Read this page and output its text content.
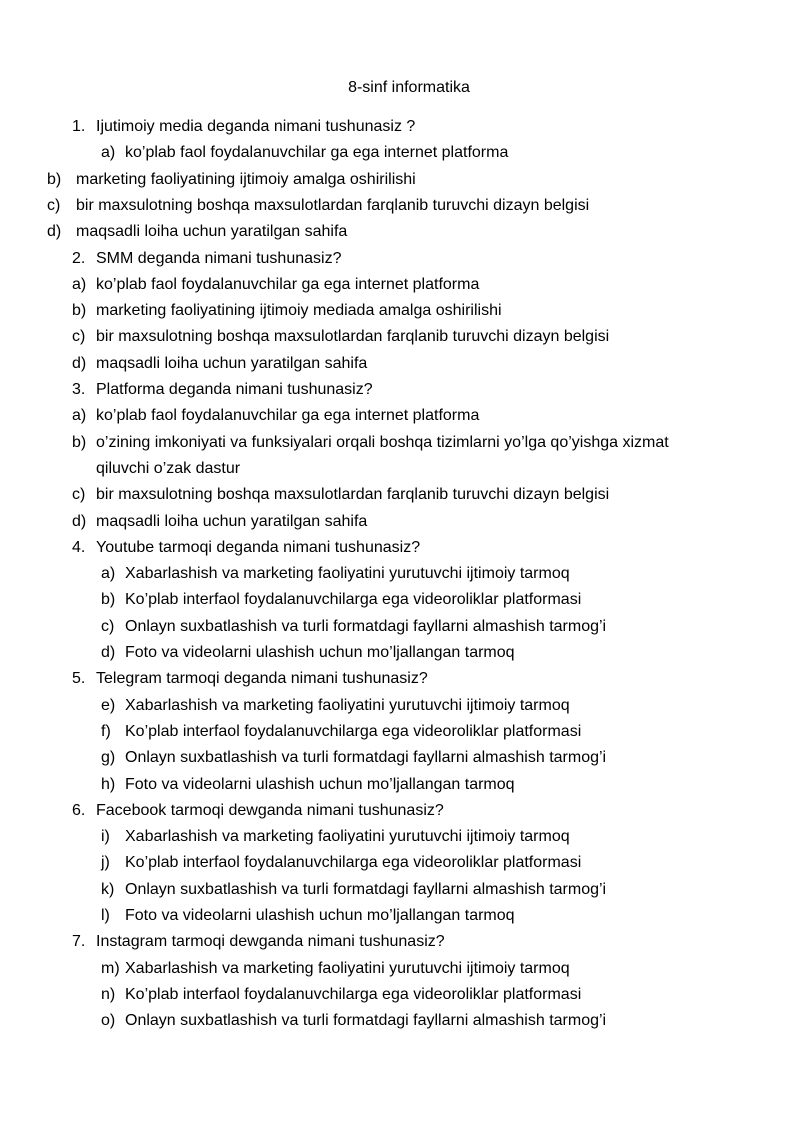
8-sinf informatika
1. Ijutimoiy media deganda nimani tushunasiz ?
a) ko’plab faol foydalanuvchilar ga ega internet platforma
b) marketing faoliyatining ijtimoiy amalga oshirilishi
c) bir maxsulotning boshqa maxsulotlardan farqlanib turuvchi dizayn belgisi
d) maqsadli loiha uchun yaratilgan sahifa
2. SMM deganda nimani tushunasiz?
a) ko’plab faol foydalanuvchilar ga ega internet platforma
b) marketing faoliyatining ijtimoiy mediada amalga oshirilishi
c) bir maxsulotning boshqa maxsulotlardan farqlanib turuvchi dizayn belgisi
d) maqsadli loiha uchun yaratilgan sahifa
3. Platforma deganda nimani tushunasiz?
a) ko’plab faol foydalanuvchilar ga ega internet platforma
b) o’zining imkoniyati va funksiyalari orqali boshqa tizimlarni yo’lga qo’yishga xizmat
qiluvchi o’zak dastur
c) bir maxsulotning boshqa maxsulotlardan farqlanib turuvchi dizayn belgisi
d) maqsadli loiha uchun yaratilgan sahifa
4. Youtube tarmoqi deganda nimani tushunasiz?
a) Xabarlashish va marketing faoliyatini yurutuvchi ijtimoiy tarmoq
b) Ko’plab interfaol foydalanuvchilarga ega videoroliklar platformasi
c) Onlayn suxbatlashish va turli formatdagi fayllarni almashish tarmog’i
d) Foto va videolarni ulashish uchun mo’ljallangan tarmoq
5. Telegram tarmoqi deganda nimani tushunasiz?
e) Xabarlashish va marketing faoliyatini yurutuvchi ijtimoiy tarmoq
f) Ko’plab interfaol foydalanuvchilarga ega videoroliklar platformasi
g) Onlayn suxbatlashish va turli formatdagi fayllarni almashish tarmog’i
h) Foto va videolarni ulashish uchun mo’ljallangan tarmoq
6. Facebook tarmoqi dewganda nimani tushunasiz?
i) Xabarlashish va marketing faoliyatini yurutuvchi ijtimoiy tarmoq
j) Ko’plab interfaol foydalanuvchilarga ega videoroliklar platformasi
k) Onlayn suxbatlashish va turli formatdagi fayllarni almashish tarmog’i
l) Foto va videolarni ulashish uchun mo’ljallangan tarmoq
7. Instagram tarmoqi dewganda nimani tushunasiz?
m) Xabarlashish va marketing faoliyatini yurutuvchi ijtimoiy tarmoq
n) Ko’plab interfaol foydalanuvchilarga ega videoroliklar platformasi
o) Onlayn suxbatlashish va turli formatdagi fayllarni almashish tarmog’i
